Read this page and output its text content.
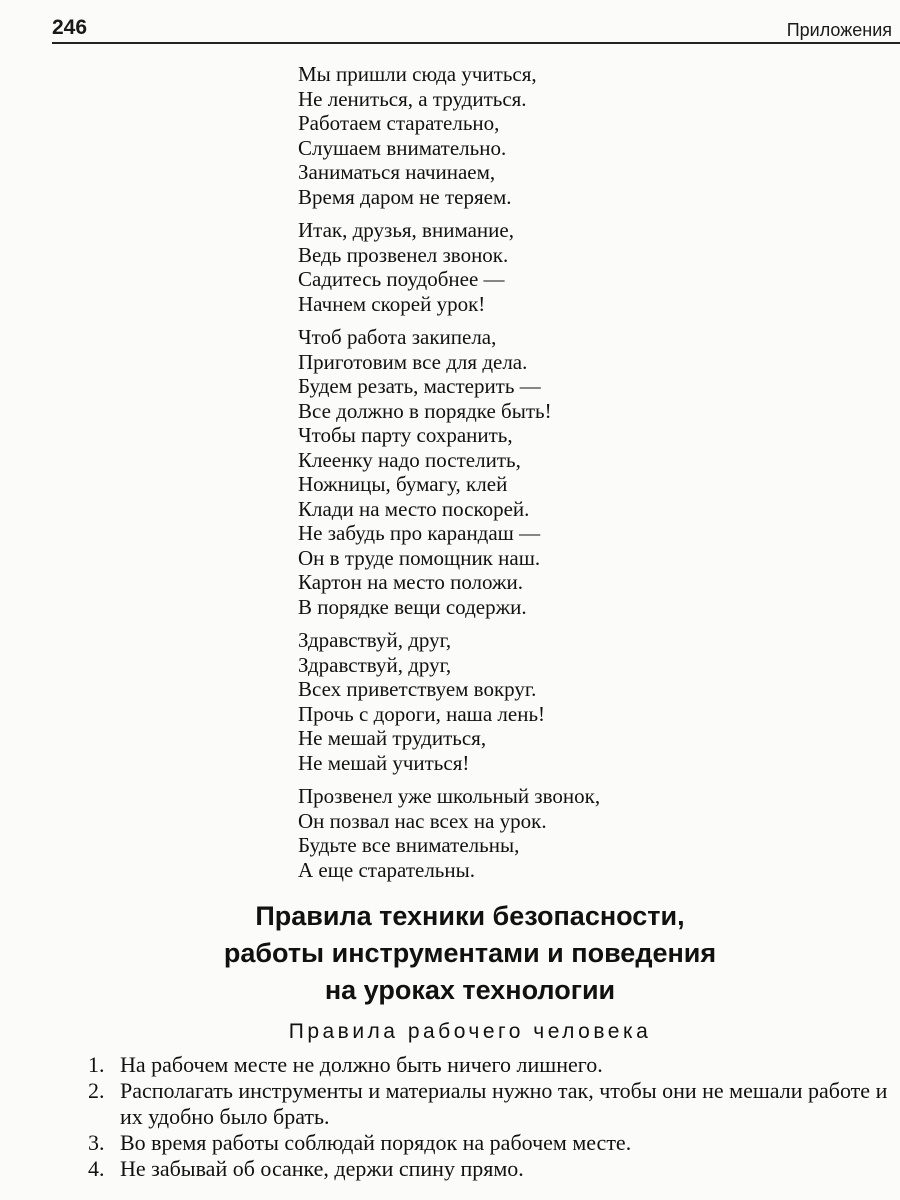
246	Приложения
Мы пришли сюда учиться,
Не лениться, а трудиться.
Работаем старательно,
Слушаем внимательно.
Заниматься начинаем,
Время даром не теряем.
Итак, друзья, внимание,
Ведь прозвенел звонок.
Садитесь поудобнее —
Начнем скорей урок!
Чтоб работа закипела,
Приготовим все для дела.
Будем резать, мастерить —
Все должно в порядке быть!
Чтобы парту сохранить,
Клеенку надо постелить,
Ножницы, бумагу, клей
Клади на место поскорей.
Не забудь про карандаш —
Он в труде помощник наш.
Картон на место положи.
В порядке вещи содержи.
Здравствуй, друг,
Здравствуй, друг,
Всех приветствуем вокруг.
Прочь с дороги, наша лень!
Не мешай трудиться,
Не мешай учиться!
Прозвенел уже школьный звонок,
Он позвал нас всех на урок.
Будьте все внимательны,
А еще старательны.
Правила техники безопасности,
работы инструментами и поведения
на уроках технологии
Правила рабочего человека
1. На рабочем месте не должно быть ничего лишнего.
2. Располагать инструменты и материалы нужно так, чтобы они не мешали работе и их удобно было брать.
3. Во время работы соблюдай порядок на рабочем месте.
4. Не забывай об осанке, держи спину прямо.
